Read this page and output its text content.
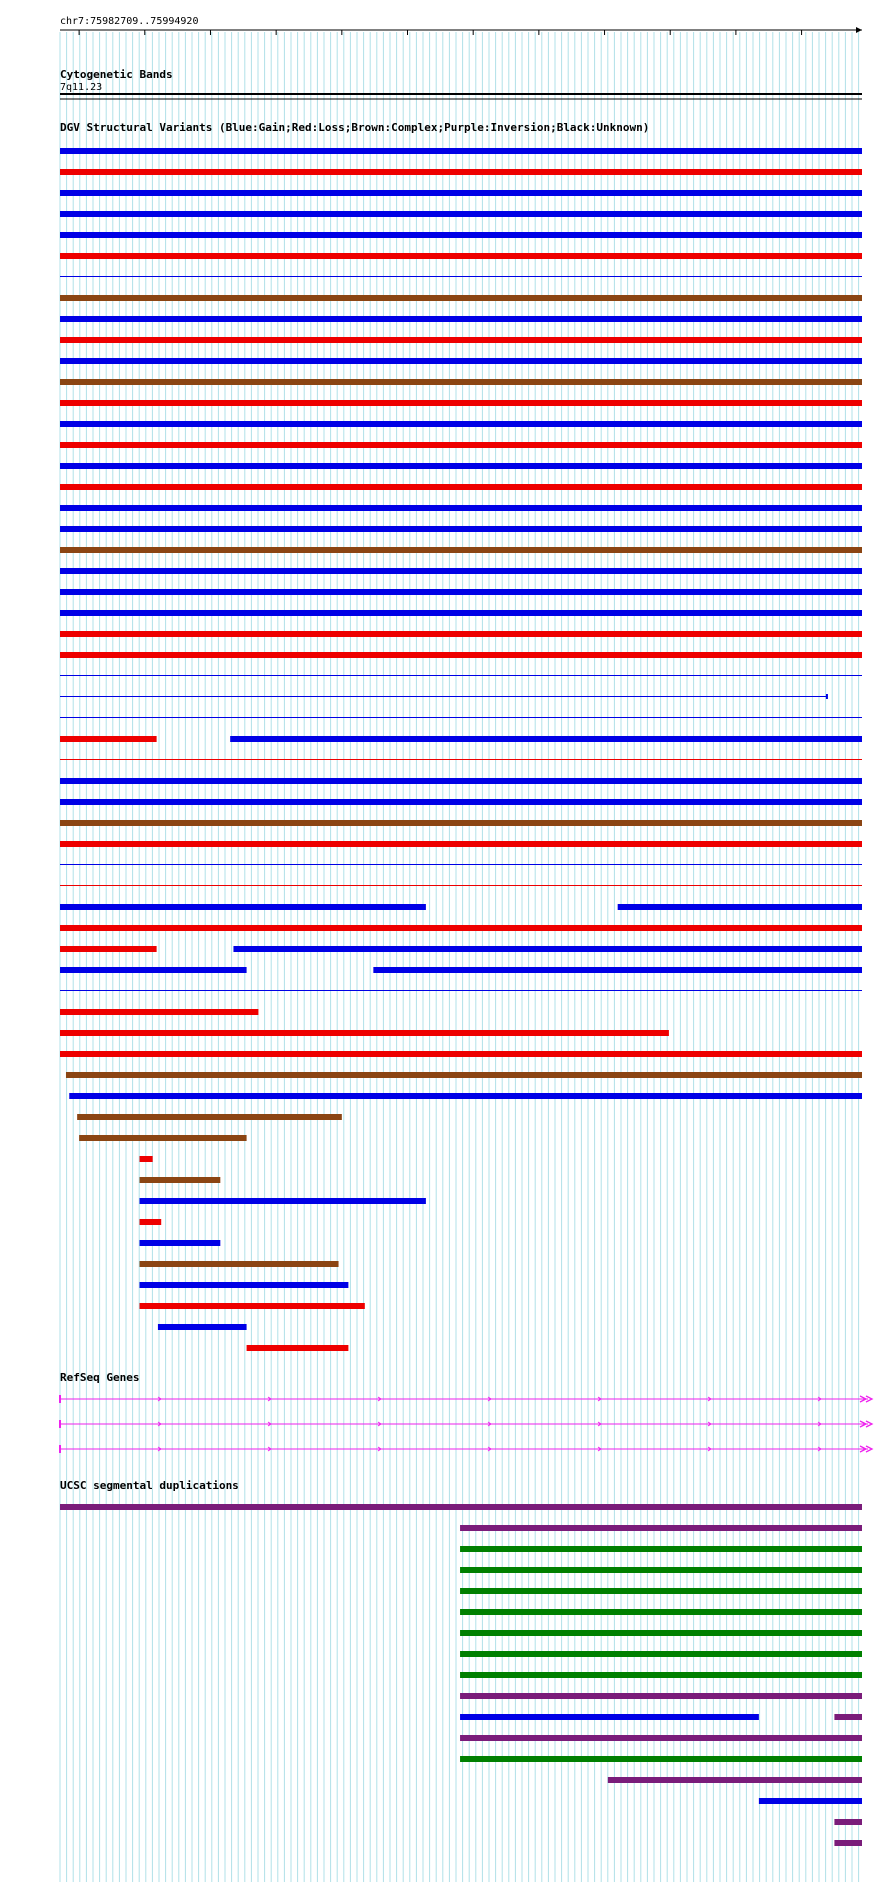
chr7:75982709..75994920
Cytogenetic Bands
7q11.23
DGV Structural Variants (Blue:Gain;Red:Loss;Brown:Complex;Purple:Inversion;Black:Unknown)
RefSeq Genes
UCSC segmental duplications
